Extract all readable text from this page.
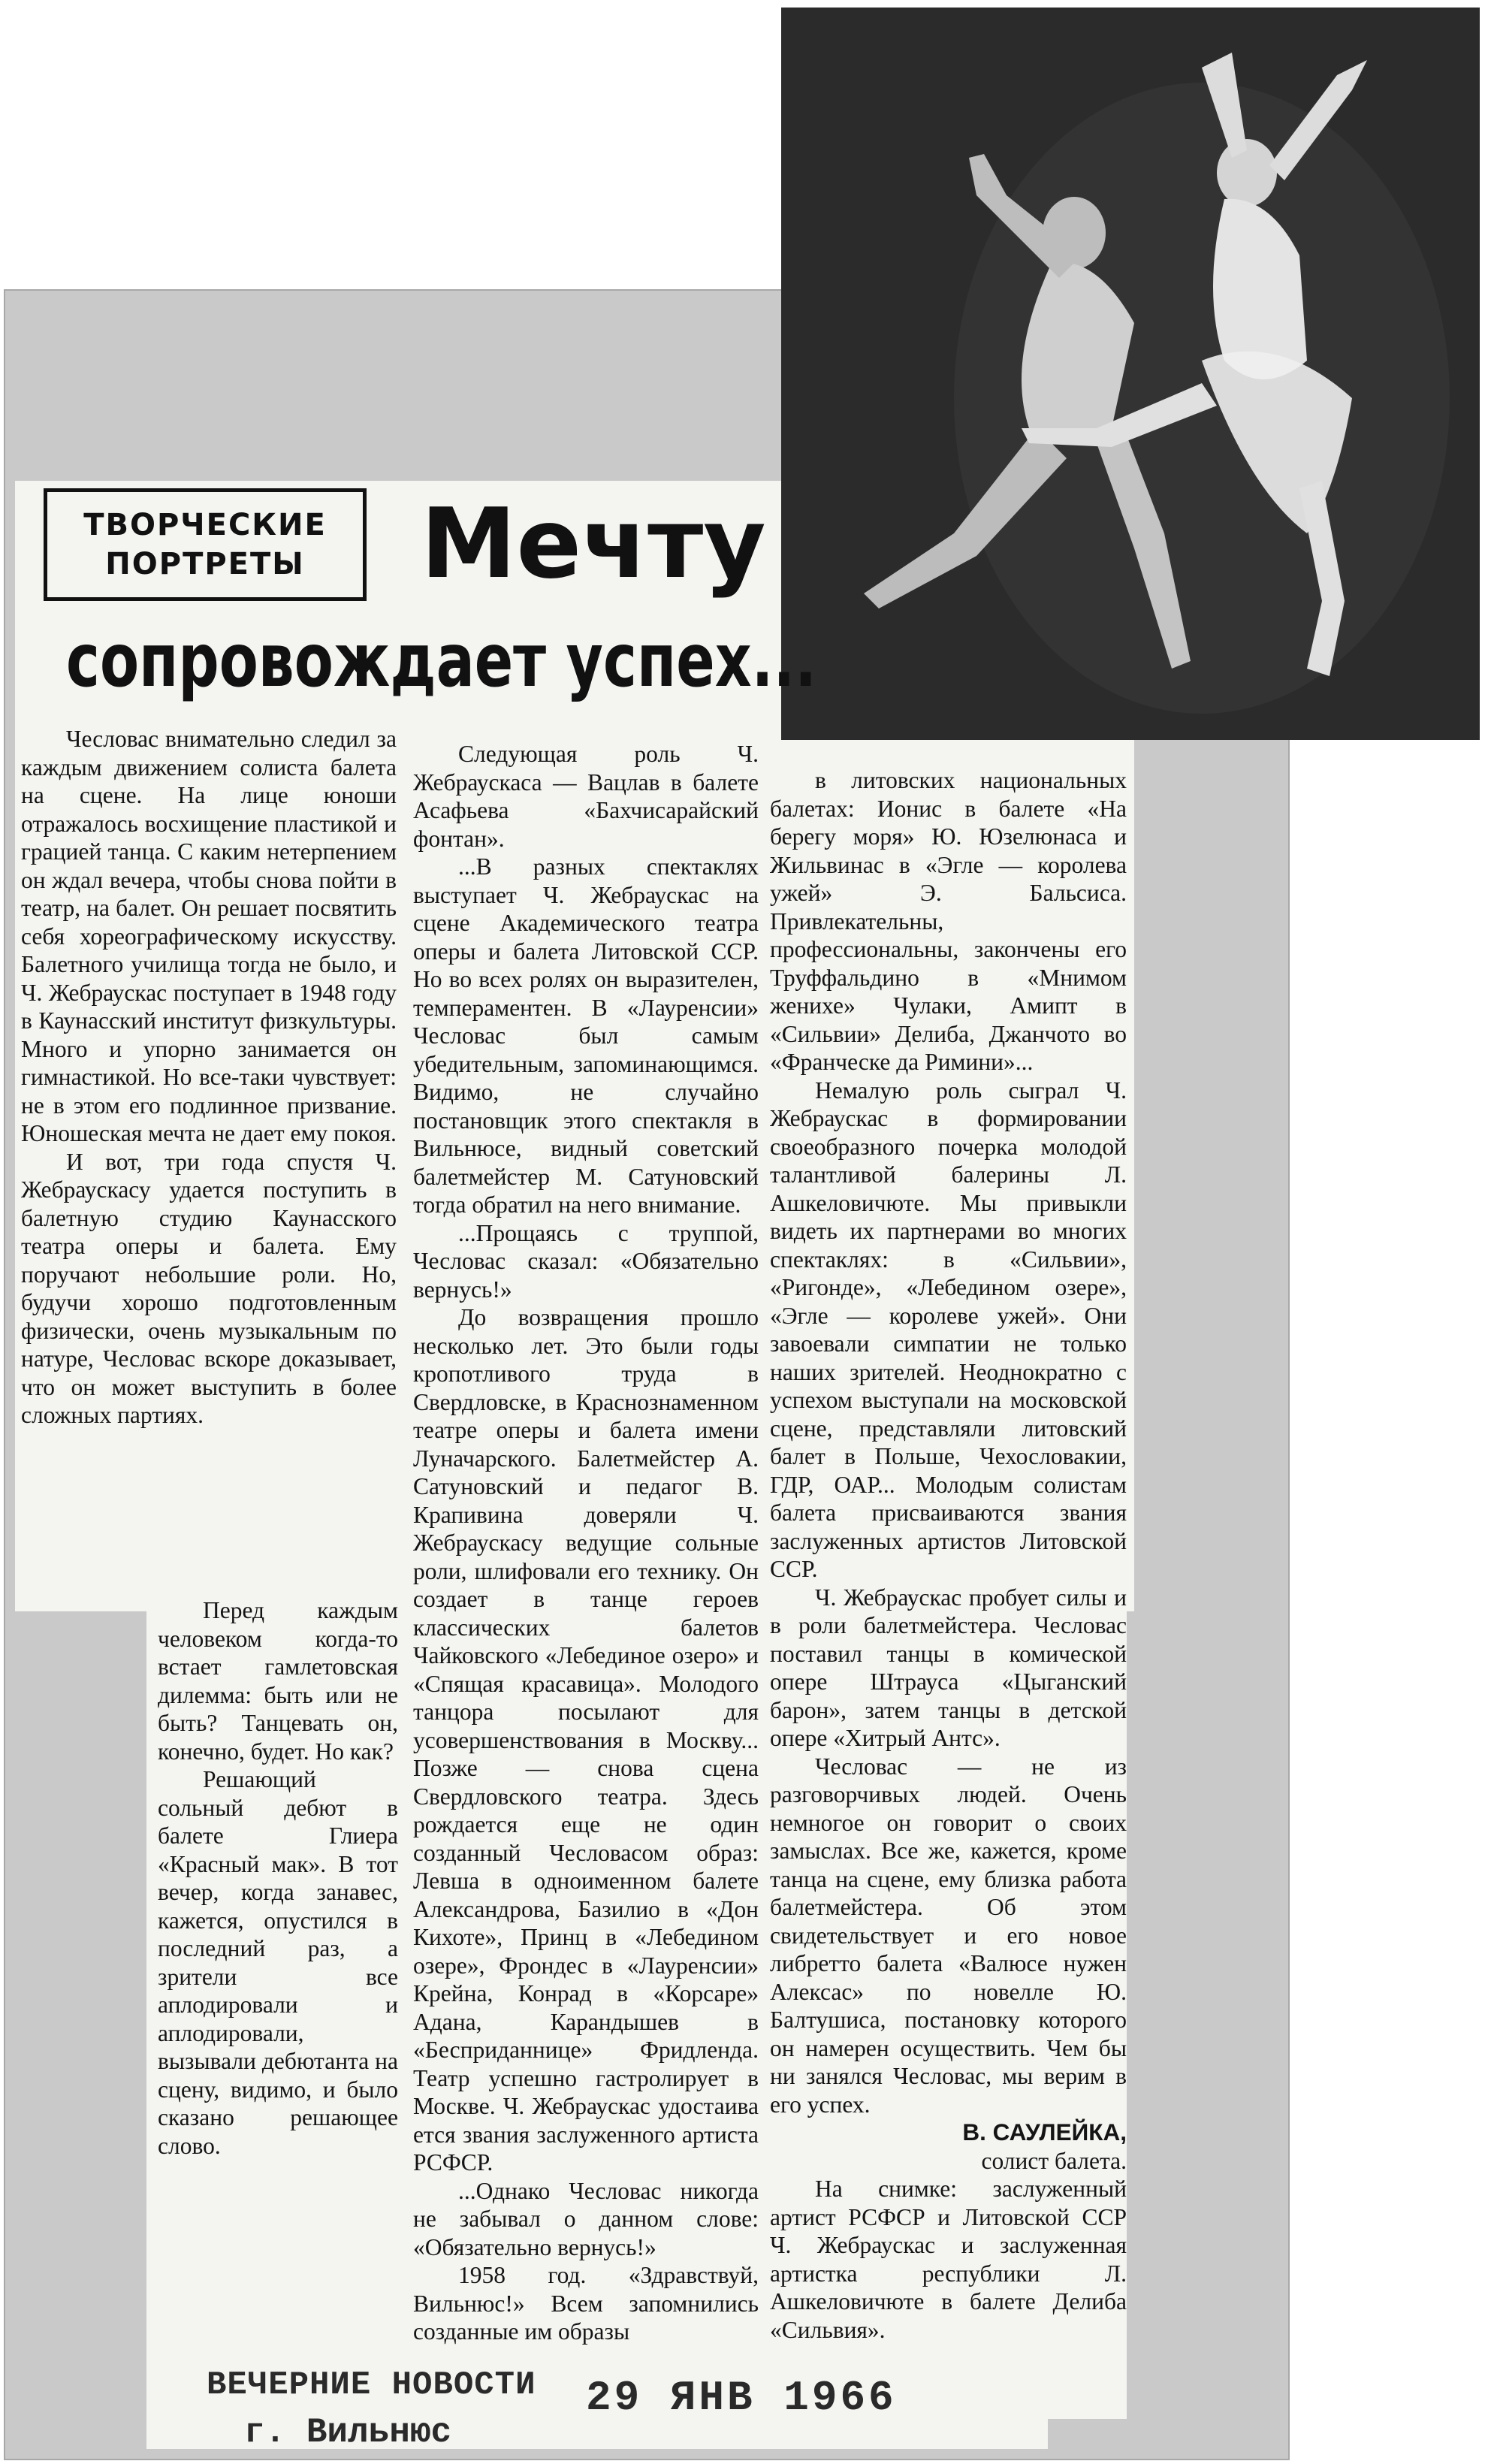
ТВОРЧЕСКИЕ
ПОРТРЕТЫ	Мечту
сопровождает успех...

Чесловас внимательно следил за каждым движением солиста балета на сцене. На лице юноши отражалось восхищение пластикой и грацией танца. С каким нетерпением он ждал вечера, чтобы снова пойти в театр, на балет. Он решает посвятить себя хореографическому искусству. Балетного училища тогда не было, и Ч. Жебраускас поступает в 1948 году в Каунасский институт физкультуры. Много и упорно занимается он гимнастикой. Но все-таки чувствует: не в этом его подлинное призвание. Юношеская мечта не дает ему покоя.

И вот, три года спустя Ч. Жебраускасу удается поступить в балетную студию Каунасского театра оперы и балета. Ему поручают небольшие роли. Но, будучи хорошо подготовленным физически, очень музыкальным по натуре, Чесловас вскоре доказывает, что он может выступить в более сложных партиях.

Перед каждым человеком когда-то встает гамлетовская дилемма: быть или не быть? Танцевать он, конечно, будет. Но как?

Решающий сольный дебют в балете Глиера «Красный мак». В тот вечер, когда занавес, кажется, опустился в последний раз, а зрители все аплодировали и аплодировали, вызывали дебютанта на сцену, видимо, и было сказано решающее слово.

Следующая роль Ч. Жебраускаса — Вацлав в балете Асафьева «Бахчисарайский фонтан».

...В разных спектаклях выступает Ч. Жебраускас на сцене Академического театра оперы и балета Литовской ССР. Но во всех ролях он выразителен, темпераментен. В «Лауренсии» Чесловас был самым убедительным, запоминающимся. Видимо, не случайно постановщик этого спектакля в Вильнюсе, видный советский балетмейстер М. Сатуновский тогда обратил на него внимание.

...Прощаясь с труппой, Чесловас сказал: «Обязательно вернусь!»

До возвращения прошло несколько лет. Это были годы кропотливого труда в Свердловске, в Краснознаменном театре оперы и балета имени Луначарского. Балетмейстер А. Сатуновский и педагог В. Крапивина доверяли Ч. Жебраускасу ведущие сольные роли, шлифовали его технику. Он создает в танце героев классических балетов Чайковского «Лебединое озеро» и «Спящая красавица». Молодого танцора посылают для усовершенствования в Москву... Позже — снова сцена Свердловского театра. Здесь рождается еще не один созданный Чесловасом образ: Левша в одноименном балете Александрова, Базилио в «Дон Кихоте», Принц в «Лебедином озере», Фрондес в «Лауренсии» Крейна, Конрад в «Корсаре» Адана, Карандышев в «Бесприданнице» Фридленда. Театр успешно гастролирует в Москве. Ч. Жебраускас удостаива ется звания заслуженного артиста РСФСР.

...Однако Чесловас никогда не забывал о данном слове: «Обязательно вернусь!»

1958 год. «Здравствуй, Вильнюс!» Всем запомнились созданные им образы

в литовских национальных балетах: Ионис в балете «На берегу моря» Ю. Юзелюнаса и Жильвинас в «Эгле — королева ужей» Э. Бальсиса. Привлекательны, профессиональны, закончены его Труффальдино в «Мнимом женихе» Чулаки, Амипт в «Сильвии» Делиба, Джанчото во «Франческе да Римини»...

Немалую роль сыграл Ч. Жебраускас в формировании своеобразного почерка молодой талантливой балерины Л. Ашкеловичюте. Мы привыкли видеть их партнерами во многих спектаклях: в «Сильвии», «Ригонде», «Лебедином озере», «Эгле — королеве ужей». Они завоевали симпатии не только наших зрителей. Неоднократно с успехом выступали на московской сцене, представляли литовский балет в Польше, Чехословакии, ГДР, ОАР... Молодым солистам балета присваиваются звания заслуженных артистов Литовской ССР.

Ч. Жебраускас пробует силы и в роли балетмейстера. Чесловас поставил танцы в комической опере Штрауса «Цыганский барон», затем танцы в детской опере «Хитрый Антс».

Чесловас — не из разговорчивых людей. Очень немногое он говорит о своих замыслах. Все же, кажется, кроме танца на сцене, ему близка работа балетмейстера. Об этом свидетельствует и его новое либретто балета «Валюсе нужен Алексас» по новелле Ю. Балтушиса, постановку которого он намерен осуществить. Чем бы ни занялся Чесловас, мы верим в его успех.

В. САУЛЕЙКА,

солист балета.

На снимке: заслуженный артист РСФСР и Литовской ССР Ч. Жебраускас и заслуженная артистка республики Л. Ашкеловичюте в балете Делиба «Сильвия».

ВЕЧЕРНИЕ НОВОСТИ
г. Вильнюс
29 ЯНВ 1966
